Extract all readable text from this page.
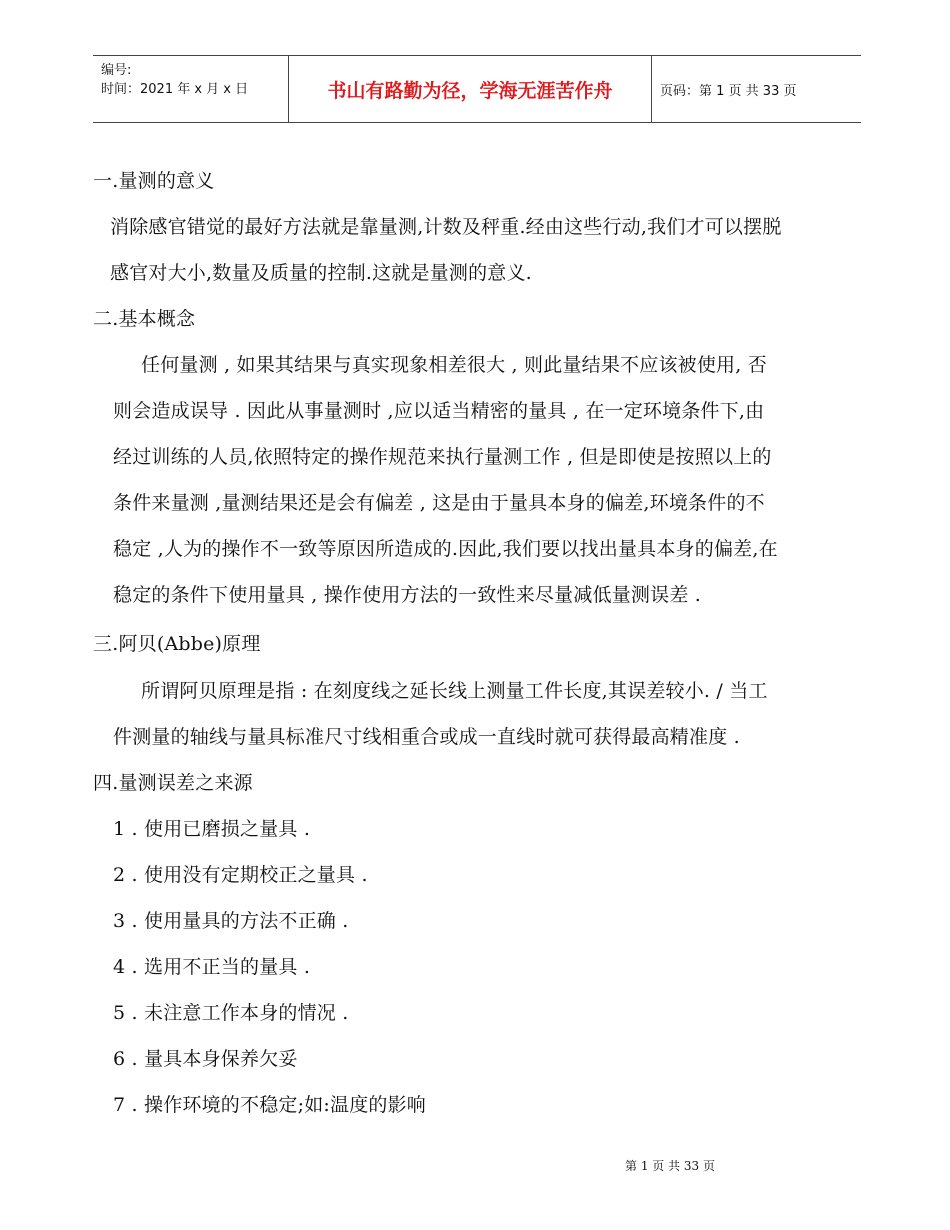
编号:
时间：2021 年 x 月 x 日	书山有路勤为径，学海无涯苦作舟	页码：第 1 页 共 33 页
一.量测的意义
消除感官错觉的最好方法就是靠量测,计数及秤重.经由这些行动,我们才可以摆脱
感官对大小,数量及质量的控制.这就是量测的意义.
二.基本概念
任何量测 , 如果其结果与真实现象相差很大 , 则此量结果不应该被使用, 否
则会造成误导 . 因此从事量测时 ,应以适当精密的量具 , 在一定环境条件下,由
经过训练的人员,依照特定的操作规范来执行量测工作 , 但是即使是按照以上的
条件来量测 ,量测结果还是会有偏差 , 这是由于量具本身的偏差,环境条件的不
稳定 ,人为的操作不一致等原因所造成的.因此,我们要以找出量具本身的偏差,在
稳定的条件下使用量具 , 操作使用方法的一致性来尽量减低量测误差 .
三.阿贝(Abbe)原理
所谓阿贝原理是指 : 在刻度线之延长线上测量工件长度,其误差较小. / 当工
件测量的轴线与量具标准尺寸线相重合或成一直线时就可获得最高精准度 .
四.量测误差之来源
1 . 使用已磨损之量具 .
2 . 使用没有定期校正之量具 .
3 . 使用量具的方法不正确 .
4 . 选用不正当的量具 .
5 . 未注意工作本身的情况 .
6 . 量具本身保养欠妥
7 . 操作环境的不稳定;如:温度的影响
第 1 页 共 33 页
